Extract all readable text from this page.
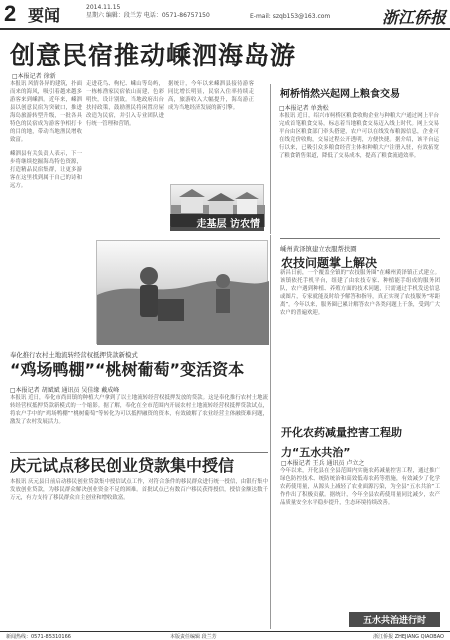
2 要闻	2014.11.15
星期六 编辑：段兰芳 电话：0571-86757150	E-mail: szqb153@163.com	浙江侨报
创意民宿推动嵊泗海岛游
□本报记者 徐新
本报讯 风情各异的建筑，扑面而来的海风，吸引着越来越多游客来到嵊泗。近年来，嵊泗县以创意民宿为突破口，推进海岛旅游转型升级，一批各具特色的民宿成为游客争相打卡的目的地，带动当地渔民增收致富。
走进花鸟、枸杞、嵊山等岛屿，一栋栋渔家民宿依山而建，色彩明快，设计别致。当地政府出台扶持政策，鼓励渔民将闲置房屋改造为民宿，并引入专业团队进行统一管理和营销。
据统计，今年以来嵊泗县接待游客同比增长明显，民宿入住率持续走高，旅游收入大幅提升，海岛游正成为当地经济发展的新引擎。
嵊泗县有关负责人表示，下一步将继续挖掘海岛特色资源，打造精品民宿集群，让更多游客在这里找到属于自己的诗和远方。
走基层 访农情
柯桥悄然兴起网上粮食交易
□本报记者 单劲松
本报讯 近日，绍兴市柯桥区粮食收购企业与种粮大户通过网上平台完成首笔粮食交易，标志着当地粮食交易迈入线上时代。网上交易平台由区粮食部门牵头搭建，农户可以在线发布粮源信息，企业可在线竞价收购，交易过程公开透明，方便快捷。据介绍，该平台运行以来，已吸引众多粮食经营主体和种粮大户注册入驻，有效拓宽了粮食销售渠道，降低了交易成本，提高了粮食流通效率。
嵊州黄泽镇建立农服帮扶圈
农技问题掌上解决
新昌日前，一个覆盖全镇的“农技服务圈”在嵊州黄泽镇正式建立。该镇依托手机平台，组建了由农技专家、种植能手组成的服务团队，农户遇到种植、养殖方面的技术问题，只需通过手机发送信息或图片，专家就能及时给予解答和指导，真正实现了农技服务“零距离”。今年以来，服务圈已累计解答农户各类问题上千条，受到广大农户的普遍欢迎。
奉化推行农村土地流转经营权抵押贷款新模式
“鸡场鸭棚”“桃树葡萄”变活资本
□本报记者 胡斌斌 通讯员 吴佳缘 戴成峰
本报讯 近日，奉化市尚田镇的种植大户拿到了以土地流转经营权抵押发放的贷款。这是奉化推行农村土地流转经营权抵押贷款新模式的一个缩影。据了解，奉化在全市范围内开展农村土地流转经营权抵押贷款试点，将农户手中的“鸡场鸭棚”“桃树葡萄”等转化为可以抵押融资的资本，有效破解了农业经营主体融资难问题，激发了农村发展活力。
庆元试点移民创业贷款集中授信
本报讯 庆元县日前启动移民创业贷款集中授信试点工作，对符合条件的移民群众进行统一授信，由银行集中发放创业贷款，为移民群众解决创业资金不足的困难。首批试点已有数百户移民获得授信，授信金额达数千万元，有力支持了移民群众自主创业和增收致富。
开化农药减量控害工程助力“五水共治”
□本报记者 王兵 通讯员 卢立之
今年以来，开化县在全县范围内实施农药减量控害工程，通过推广绿色防控技术、统防统治和高效低毒农药等措施，有效减少了化学农药使用量，从源头上减轻了农业面源污染，为全县“五水共治”工作作出了积极贡献。据统计，今年全县农药使用量同比减少，农产品质量安全水平稳步提升，生态环境持续改善。
五水共治进行时
新闻热线：0571-85310166	本版责任编辑 段兰芳	浙江侨报 ZHEJIANG QIAOBAO
